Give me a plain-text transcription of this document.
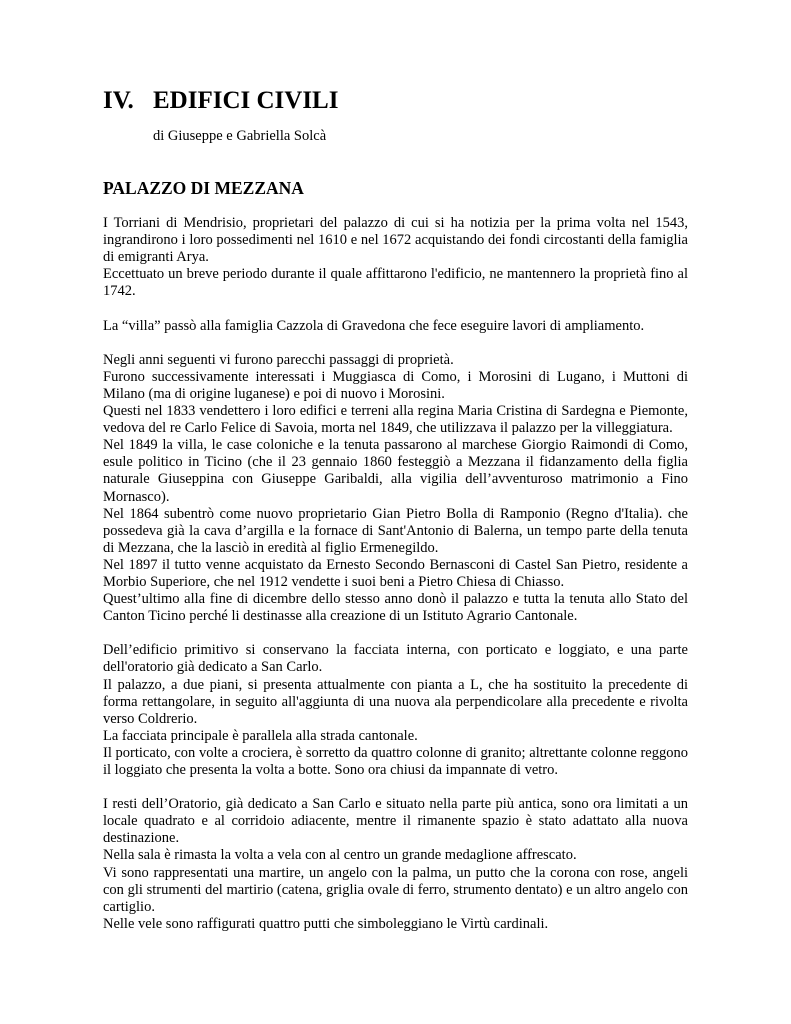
IV. EDIFICI CIVILI

di Giuseppe e Gabriella Solcà

PALAZZO DI MEZZANA

I Torriani di Mendrisio, proprietari del palazzo di cui si ha notizia per la prima volta nel 1543, ingrandirono i loro possedimenti nel 1610 e nel 1672 acquistando dei fondi circostanti della famiglia di emigranti Arya.

Eccettuato un breve periodo durante il quale affittarono l'edificio, ne mantennero la proprietà fino al 1742.

La “villa” passò alla famiglia Cazzola di Gravedona che fece eseguire lavori di ampliamento.

Negli anni seguenti vi furono parecchi passaggi di proprietà.

Furono successivamente interessati i Muggiasca di Como, i Morosini di Lugano, i Muttoni di Milano (ma di origine luganese) e poi di nuovo i Morosini.

Questi nel 1833 vendettero i loro edifici e terreni alla regina Maria Cristina di Sardegna e Piemonte, vedova del re Carlo Felice di Savoia, morta nel 1849, che utilizzava il palazzo per la villeggiatura.

Nel 1849 la villa, le case coloniche e la tenuta passarono al marchese Giorgio Raimondi di Como, esule politico in Ticino (che il 23 gennaio 1860 festeggiò a Mezzana il fidanzamento della figlia naturale Giuseppina con Giuseppe Garibaldi, alla vigilia dell’avventuroso matrimonio a Fino Mornasco).

Nel 1864 subentrò come nuovo proprietario Gian Pietro Bolla di Ramponio (Regno d'Italia). che possedeva già la cava d’argilla e la fornace di Sant'Antonio di Balerna, un tempo parte della tenuta di Mezzana, che la lasciò in eredità al figlio Ermenegildo.

Nel 1897 il tutto venne acquistato da Ernesto Secondo Bernasconi di Castel San Pietro, residente a Morbio Superiore, che nel 1912 vendette i suoi beni a Pietro Chiesa di Chiasso.

Quest’ultimo alla fine di dicembre dello stesso anno donò il palazzo e tutta la tenuta allo Stato del Canton Ticino perché li destinasse alla creazione di un Istituto Agrario Cantonale.

Dell’edificio primitivo si conservano la facciata interna, con porticato e loggiato, e una parte dell'oratorio già dedicato a San Carlo.

Il palazzo, a due piani, si presenta attualmente con pianta a L, che ha sostituito la precedente di forma rettangolare, in seguito all'aggiunta di una nuova ala perpendicolare alla precedente e rivolta verso Coldrerio.

La facciata principale è parallela alla strada cantonale.

Il porticato, con volte a crociera, è sorretto da quattro colonne di granito; altrettante colonne reggono il loggiato che presenta la volta a botte. Sono ora chiusi da impannate di vetro.

I resti dell’Oratorio, già dedicato a San Carlo e situato nella parte più antica, sono ora limitati a un locale quadrato e al corridoio adiacente, mentre il rimanente spazio è stato adattato alla nuova destinazione.

Nella sala è rimasta la volta a vela con al centro un grande medaglione affrescato.

Vi sono rappresentati una martire, un angelo con la palma, un putto che la corona con rose, angeli con gli strumenti del martirio (catena, griglia ovale di ferro, strumento dentato) e un altro angelo con cartiglio.

Nelle vele sono raffigurati quattro putti che simboleggiano le Virtù cardinali.
